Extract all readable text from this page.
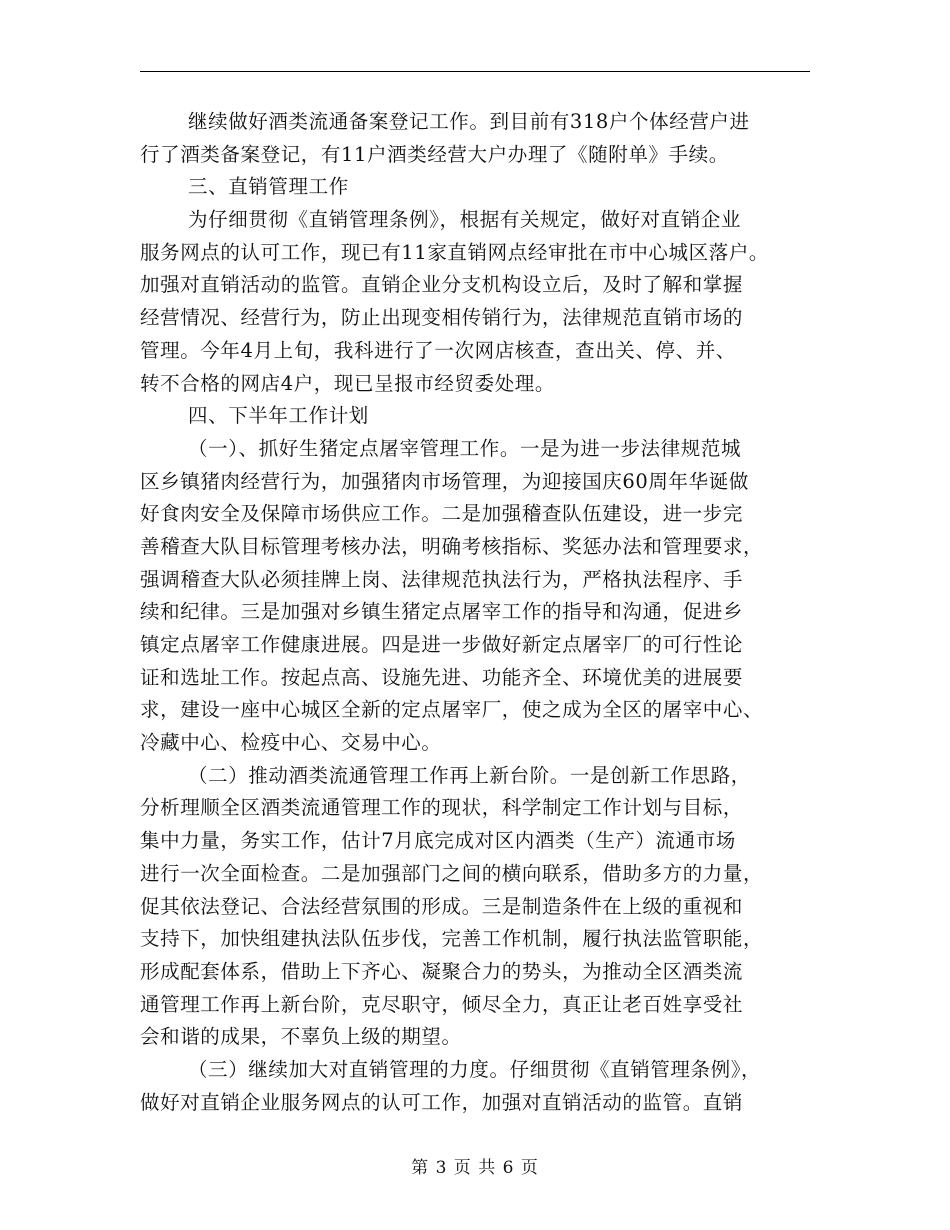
继续做好酒类流通备案登记工作。到目前有318户个体经营户进
行了酒类备案登记，有11户酒类经营大户办理了《随附单》手续。
三、直销管理工作
为仔细贯彻《直销管理条例》，根据有关规定，做好对直销企业
服务网点的认可工作，现已有11家直销网点经审批在市中心城区落户。
加强对直销活动的监管。直销企业分支机构设立后，及时了解和掌握
经营情况、经营行为，防止出现变相传销行为，法律规范直销市场的
管理。今年4月上旬，我科进行了一次网店核查，查出关、停、并、
转不合格的网店4户，现已呈报市经贸委处理。
四、下半年工作计划
（一）、抓好生猪定点屠宰管理工作。一是为进一步法律规范城
区乡镇猪肉经营行为，加强猪肉市场管理，为迎接国庆60周年华诞做
好食肉安全及保障市场供应工作。二是加强稽查队伍建设，进一步完
善稽查大队目标管理考核办法，明确考核指标、奖惩办法和管理要求，
强调稽查大队必须挂牌上岗、法律规范执法行为，严格执法程序、手
续和纪律。三是加强对乡镇生猪定点屠宰工作的指导和沟通，促进乡
镇定点屠宰工作健康进展。四是进一步做好新定点屠宰厂的可行性论
证和选址工作。按起点高、设施先进、功能齐全、环境优美的进展要
求，建设一座中心城区全新的定点屠宰厂，使之成为全区的屠宰中心、
冷藏中心、检疫中心、交易中心。
（二）推动酒类流通管理工作再上新台阶。一是创新工作思路，
分析理顺全区酒类流通管理工作的现状，科学制定工作计划与目标，
集中力量，务实工作，估计7月底完成对区内酒类（生产）流通市场
进行一次全面检查。二是加强部门之间的横向联系，借助多方的力量，
促其依法登记、合法经营氛围的形成。三是制造条件在上级的重视和
支持下，加快组建执法队伍步伐，完善工作机制，履行执法监管职能，
形成配套体系，借助上下齐心、凝聚合力的势头，为推动全区酒类流
通管理工作再上新台阶，克尽职守，倾尽全力，真正让老百姓享受社
会和谐的成果，不辜负上级的期望。
（三）继续加大对直销管理的力度。仔细贯彻《直销管理条例》，
做好对直销企业服务网点的认可工作，加强对直销活动的监管。直销
第 3 页 共 6 页
